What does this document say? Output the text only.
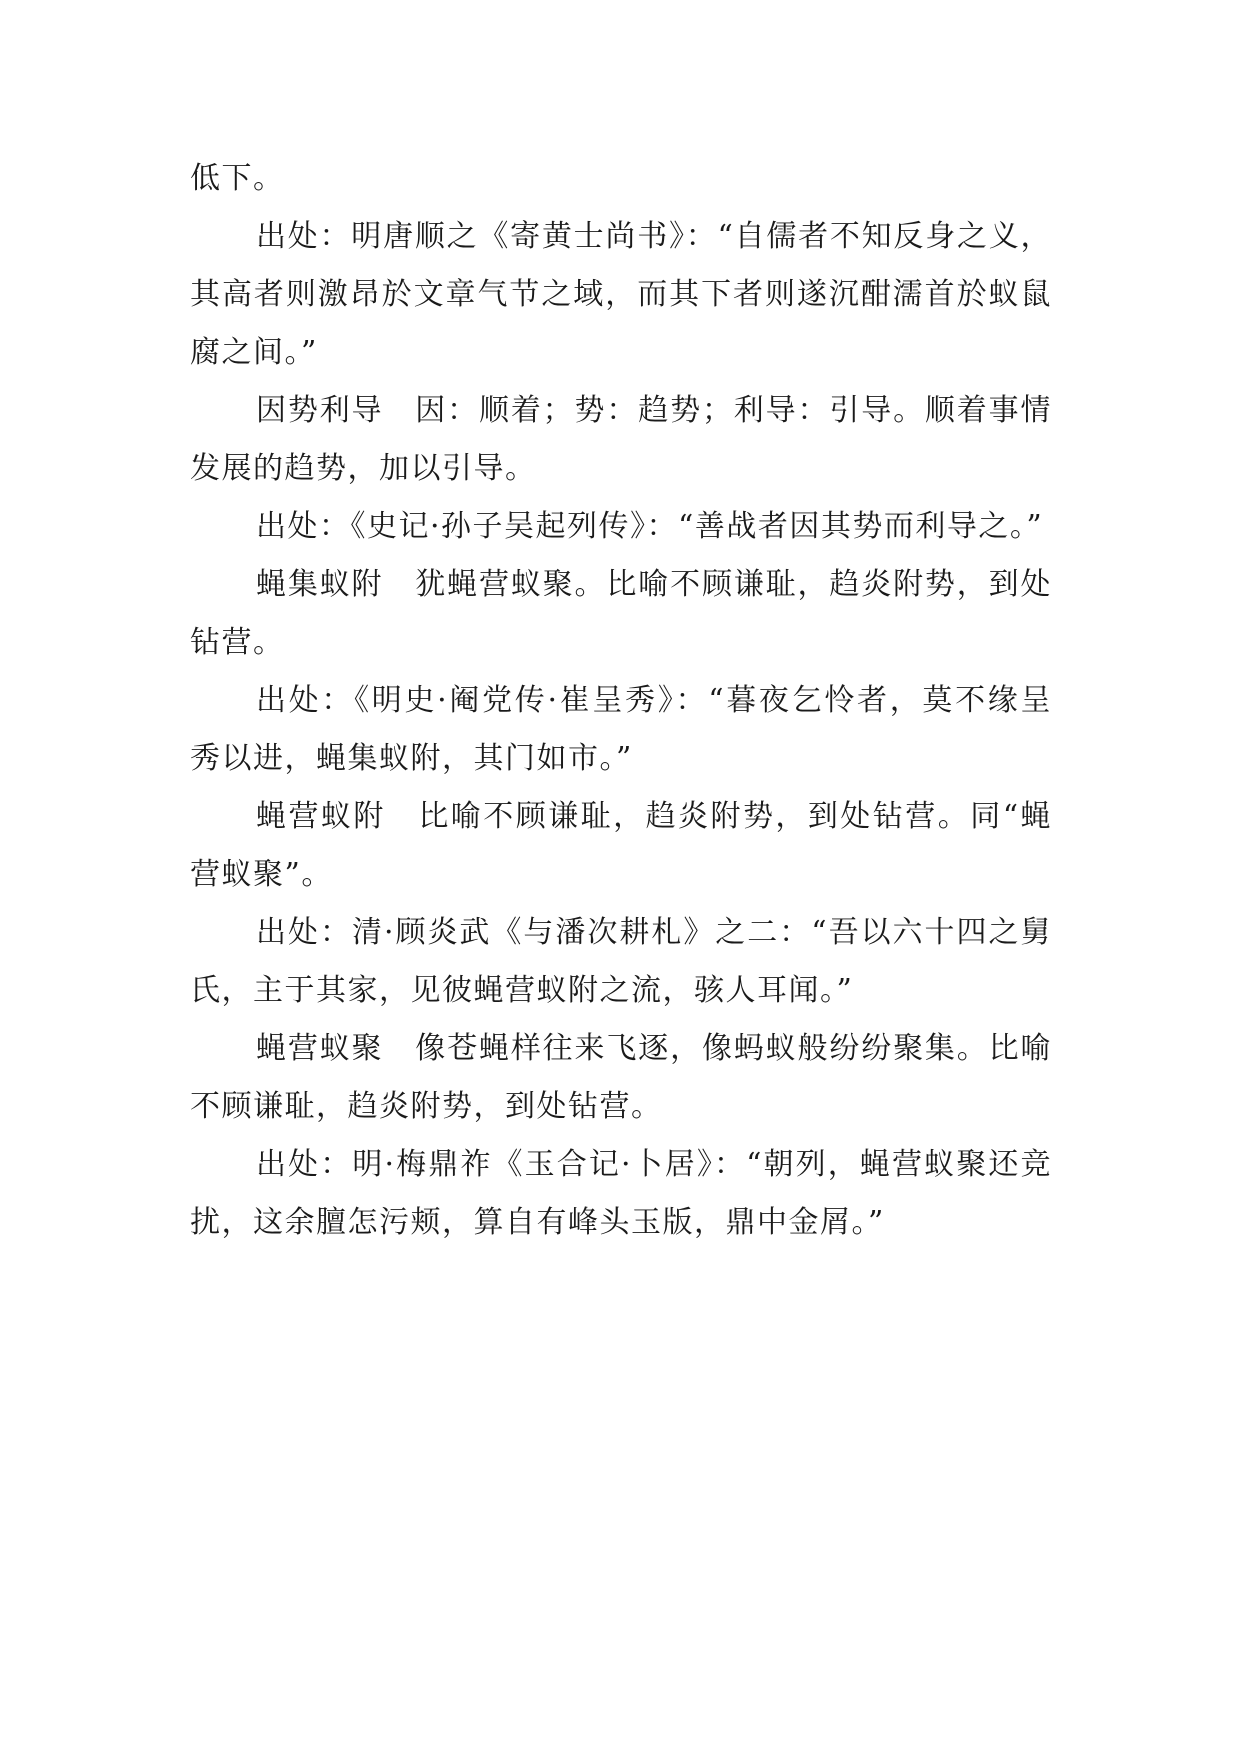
低下。

出处：明唐顺之《寄黄士尚书》：“自儒者不知反身之义，其高者则激昂於文章气节之域，而其下者则遂沉酣濡首於蚁鼠腐之间。”

因势利导　因：顺着；势：趋势；利导：引导。顺着事情发展的趋势，加以引导。

出处：《史记·孙子吴起列传》：“善战者因其势而利导之。”

蝇集蚁附　犹蝇营蚁聚。比喻不顾谦耻，趋炎附势，到处钻营。

出处：《明史·阉党传·崔呈秀》：“暮夜乞怜者，莫不缘呈秀以进，蝇集蚁附，其门如市。”

蝇营蚁附　比喻不顾谦耻，趋炎附势，到处钻营。同“蝇营蚁聚”。

出处：清·顾炎武《与潘次耕札》之二：“吾以六十四之舅氏，主于其家，见彼蝇营蚁附之流，骇人耳闻。”

蝇营蚁聚　像苍蝇样往来飞逐，像蚂蚁般纷纷聚集。比喻不顾谦耻，趋炎附势，到处钻营。

出处：明·梅鼎祚《玉合记·卜居》：“朝列，蝇营蚁聚还竞扰，这余膻怎污颊，算自有峰头玉版，鼎中金屑。”
